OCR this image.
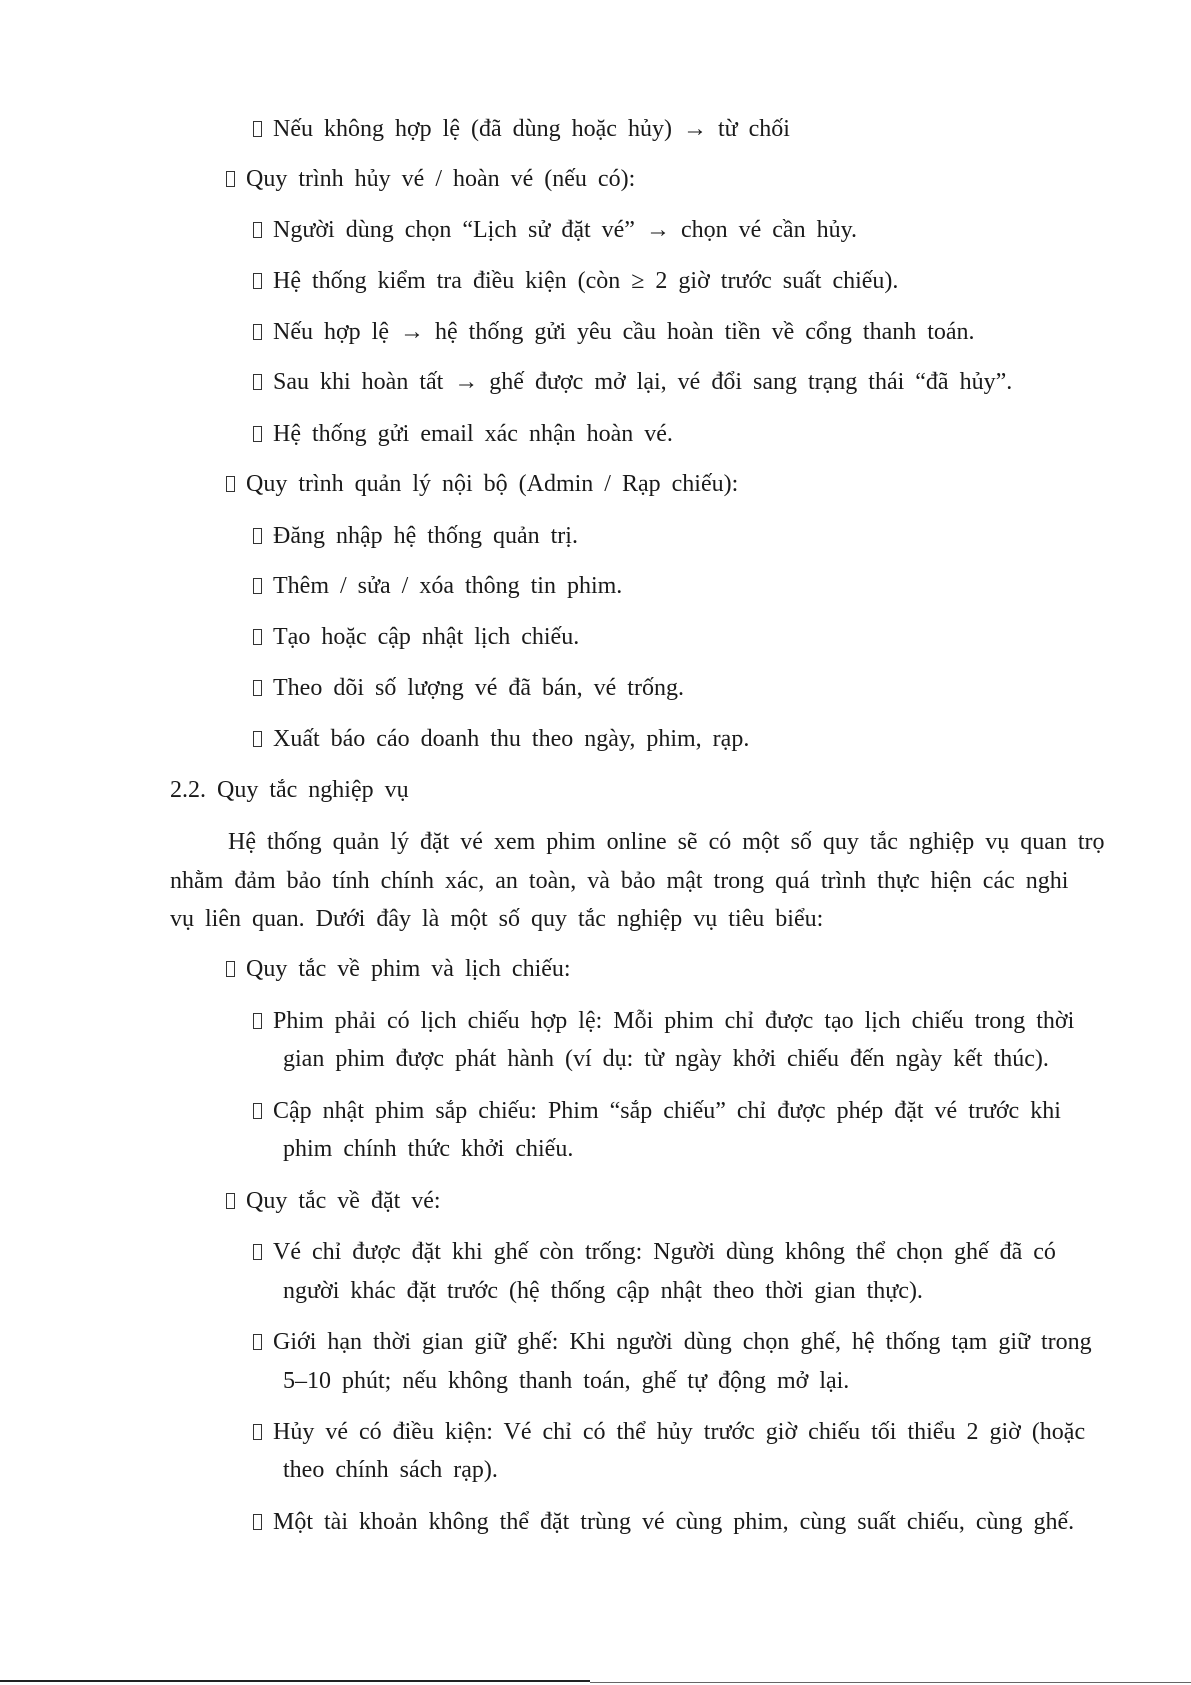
Nếu không hợp lệ (đã dùng hoặc hủy) → từ chối
Quy trình hủy vé / hoàn vé (nếu có):
Người dùng chọn “Lịch sử đặt vé” → chọn vé cần hủy.
Hệ thống kiểm tra điều kiện (còn ≥ 2 giờ trước suất chiếu).
Nếu hợp lệ → hệ thống gửi yêu cầu hoàn tiền về cổng thanh toán.
Sau khi hoàn tất → ghế được mở lại, vé đổi sang trạng thái “đã hủy”.
Hệ thống gửi email xác nhận hoàn vé.
Quy trình quản lý nội bộ (Admin / Rạp chiếu):
Đăng nhập hệ thống quản trị.
Thêm / sửa / xóa thông tin phim.
Tạo hoặc cập nhật lịch chiếu.
Theo dõi số lượng vé đã bán, vé trống.
Xuất báo cáo doanh thu theo ngày, phim, rạp.
2.2. Quy tắc nghiệp vụ
Hệ thống quản lý đặt vé xem phim online sẽ có một số quy tắc nghiệp vụ quan trọ
nhằm đảm bảo tính chính xác, an toàn, và bảo mật trong quá trình thực hiện các nghi
vụ liên quan. Dưới đây là một số quy tắc nghiệp vụ tiêu biểu:
Quy tắc về phim và lịch chiếu:
Phim phải có lịch chiếu hợp lệ: Mỗi phim chỉ được tạo lịch chiếu trong thời
gian phim được phát hành (ví dụ: từ ngày khởi chiếu đến ngày kết thúc).
Cập nhật phim sắp chiếu: Phim “sắp chiếu” chỉ được phép đặt vé trước khi
phim chính thức khởi chiếu.
Quy tắc về đặt vé:
Vé chỉ được đặt khi ghế còn trống: Người dùng không thể chọn ghế đã có
người khác đặt trước (hệ thống cập nhật theo thời gian thực).
Giới hạn thời gian giữ ghế: Khi người dùng chọn ghế, hệ thống tạm giữ trong
5–10 phút; nếu không thanh toán, ghế tự động mở lại.
Hủy vé có điều kiện: Vé chỉ có thể hủy trước giờ chiếu tối thiểu 2 giờ (hoặc
theo chính sách rạp).
Một tài khoản không thể đặt trùng vé cùng phim, cùng suất chiếu, cùng ghế.
